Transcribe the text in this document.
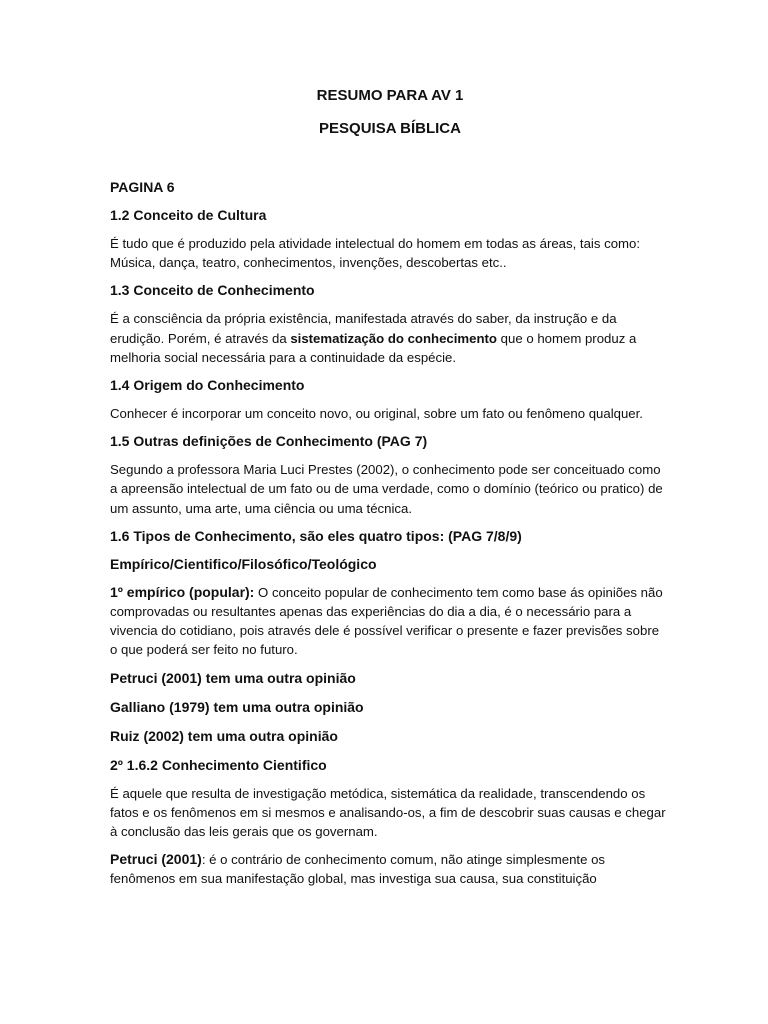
RESUMO PARA AV 1

PESQUISA BÍBLICA

PAGINA 6

1.2 Conceito de Cultura

É tudo que é produzido pela atividade intelectual do homem em todas as áreas, tais como: Música, dança, teatro, conhecimentos, invenções, descobertas etc..

1.3 Conceito de Conhecimento

É a consciência da própria existência, manifestada através do saber, da instrução e da erudição. Porém, é através da sistematização do conhecimento que o homem produz a melhoria social necessária para a continuidade da espécie.

1.4 Origem do Conhecimento

Conhecer é incorporar um conceito novo, ou original, sobre um fato ou fenômeno qualquer.

1.5 Outras definições de Conhecimento (PAG 7)

Segundo a professora Maria Luci Prestes (2002), o conhecimento pode ser conceituado como a apreensão intelectual de um fato ou de uma verdade, como o domínio (teórico ou pratico) de um assunto, uma arte, uma ciência ou uma técnica.

1.6 Tipos de Conhecimento, são eles quatro tipos: (PAG 7/8/9)

Empírico/Cientifico/Filosófico/Teológico

1º empírico (popular): O conceito popular de conhecimento tem como base ás opiniões não comprovadas ou resultantes apenas das experiências do dia a dia, é o necessário para a vivencia do cotidiano, pois através dele é possível verificar o presente e fazer previsões sobre o que poderá ser feito no futuro.

Petruci (2001) tem uma outra opinião

Galliano (1979) tem uma outra opinião

Ruiz (2002) tem uma outra opinião

2º 1.6.2 Conhecimento Cientifico

É aquele que resulta de investigação metódica, sistemática da realidade, transcendendo os fatos e os fenômenos em si mesmos e analisando-os, a fim de descobrir suas causas e chegar à conclusão das leis gerais que os governam.

Petruci (2001): é o contrário de conhecimento comum, não atinge simplesmente os fenômenos em sua manifestação global, mas investiga sua causa, sua constituição
